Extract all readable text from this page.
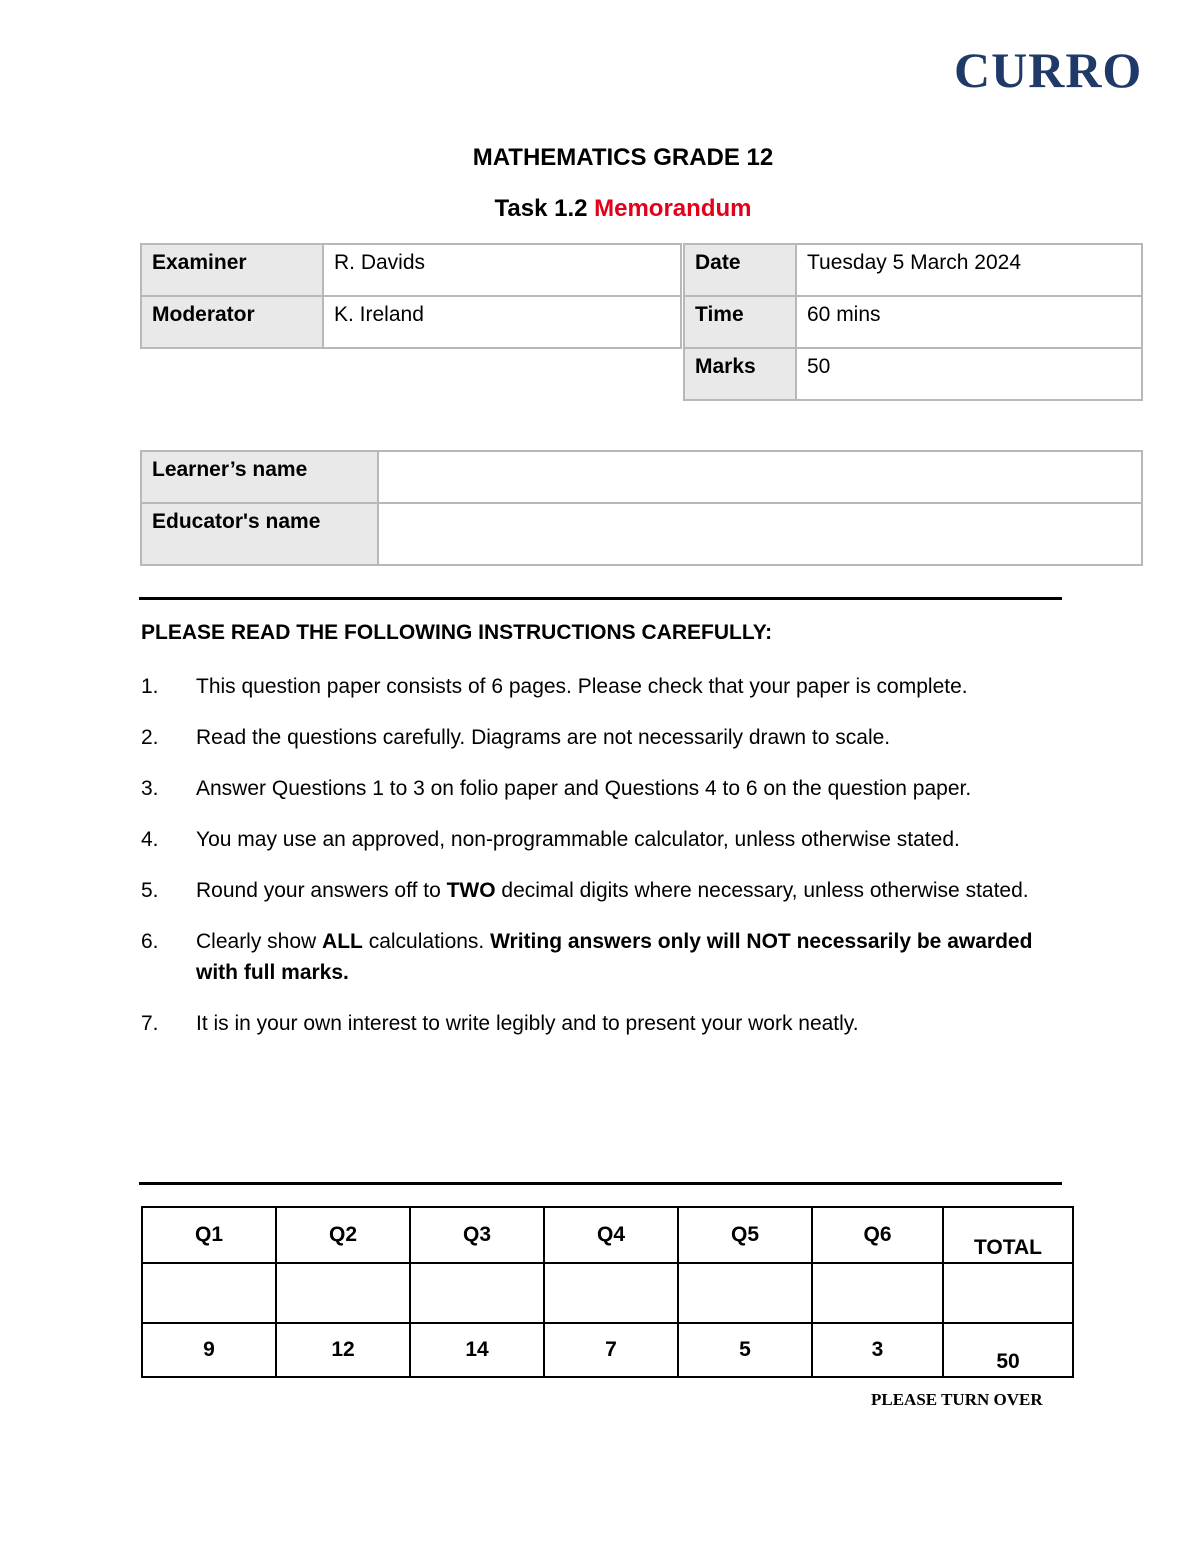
CURRO
MATHEMATICS GRADE 12
Task 1.2 Memorandum
Examiner	R. Davids
Moderator	K. Ireland
Date	Tuesday 5 March 2024
Time	60 mins
Marks	50
Learner’s name	
Educator's name	
PLEASE READ THE FOLLOWING INSTRUCTIONS CAREFULLY:
1. This question paper consists of 6 pages. Please check that your paper is complete.
2. Read the questions carefully. Diagrams are not necessarily drawn to scale.
3. Answer Questions 1 to 3 on folio paper and Questions 4 to 6 on the question paper.
4. You may use an approved, non-programmable calculator, unless otherwise stated.
5. Round your answers off to TWO decimal digits where necessary, unless otherwise stated.
6. Clearly show ALL calculations. Writing answers only will NOT necessarily be awarded with full marks.
7. It is in your own interest to write legibly and to present your work neatly.
Q1	Q2	Q3	Q4	Q5	Q6	TOTAL

9	12	14	7	5	3	50
PLEASE TURN OVER
